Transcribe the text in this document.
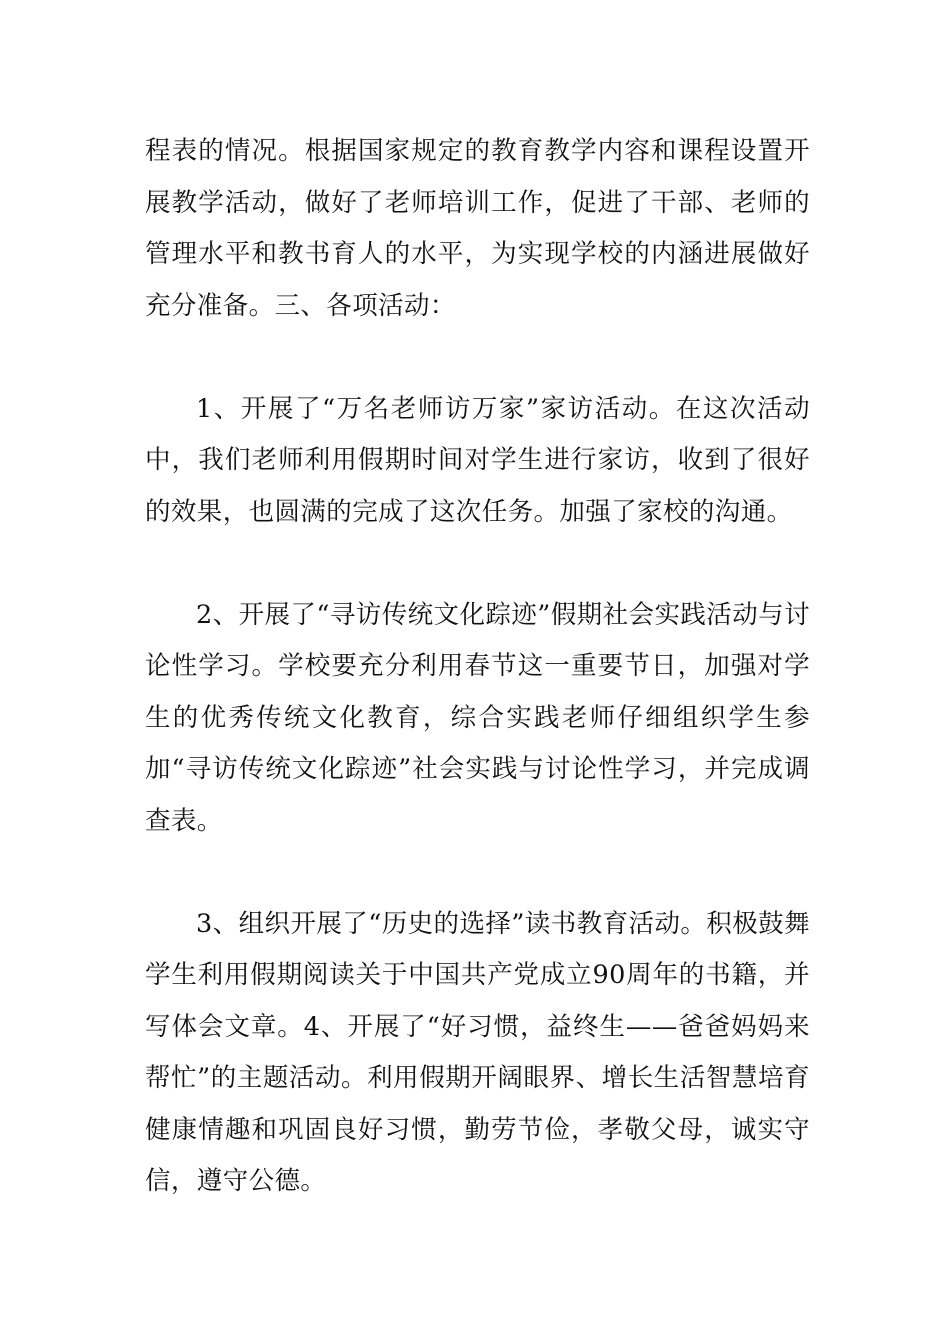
程表的情况。根据国家规定的教育教学内容和课程设置开展教学活动，做好了老师培训工作，促进了干部、老师的管理水平和教书育人的水平，为实现学校的内涵进展做好充分准备。三、各项活动：

1、开展了“万名老师访万家”家访活动。在这次活动中，我们老师利用假期时间对学生进行家访，收到了很好的效果，也圆满的完成了这次任务。加强了家校的沟通。

2、开展了“寻访传统文化踪迹”假期社会实践活动与讨论性学习。学校要充分利用春节这一重要节日，加强对学生的优秀传统文化教育，综合实践老师仔细组织学生参加“寻访传统文化踪迹”社会实践与讨论性学习，并完成调查表。

3、组织开展了“历史的选择”读书教育活动。积极鼓舞学生利用假期阅读关于中国共产党成立90周年的书籍，并写体会文章。4、开展了“好习惯，益终生——爸爸妈妈来帮忙”的主题活动。利用假期开阔眼界、增长生活智慧培育健康情趣和巩固良好习惯，勤劳节俭，孝敬父母，诚实守信，遵守公德。
